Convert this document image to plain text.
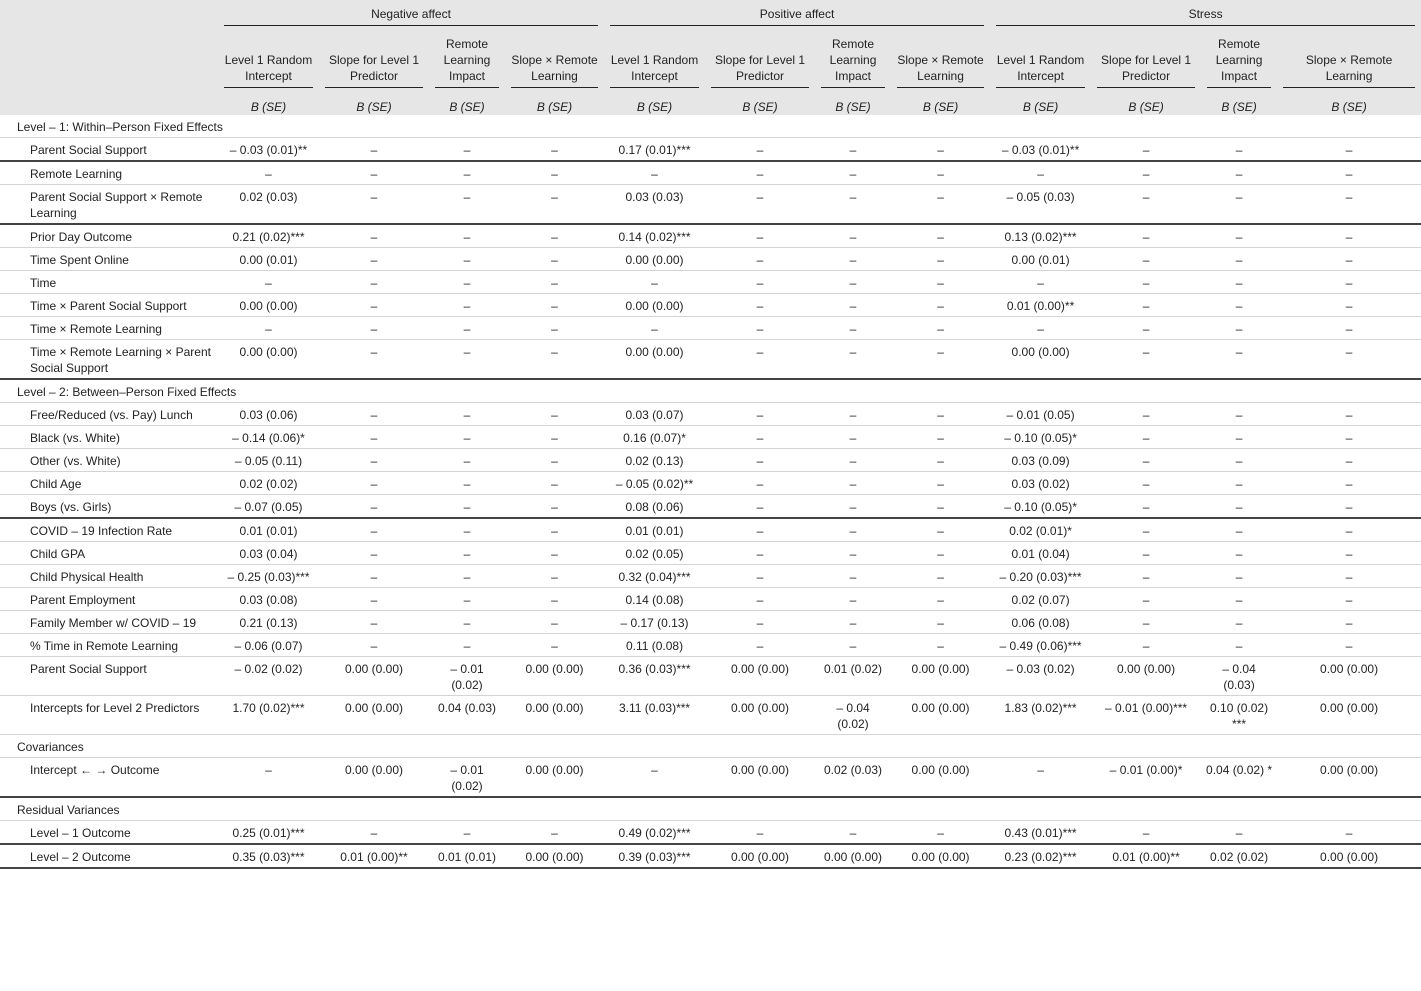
	Negative affect				Positive affect				Stress			

	Level 1 Random Intercept	Slope for Level 1 Predictor	Remote Learning Impact	Slope × Remote Learning	Level 1 Random Intercept	Slope for Level 1 Predictor	Remote Learning Impact	Slope × Remote Learning	Level 1 Random Intercept	Slope for Level 1 Predictor	Remote Learning Impact	Slope × Remote Learning

	B (SE)	B (SE)	B (SE)	B (SE)	B (SE)	B (SE)	B (SE)	B (SE)	B (SE)	B (SE)	B (SE)	B (SE)
Level – 1: Within–Person Fixed Effects												
Parent Social Support	– 0.03 (0.01)**	–	–	–	0.17 (0.01)***	–	–	–	– 0.03 (0.01)**	–	–	–
Remote Learning	–	–	–	–	–	–	–	–	–	–	–	–
Parent Social Support × Remote Learning	0.02 (0.03)	–	–	–	0.03 (0.03)	–	–	–	– 0.05 (0.03)	–	–	–
Prior Day Outcome	0.21 (0.02)***	–	–	–	0.14 (0.02)***	–	–	–	0.13 (0.02)***	–	–	–
Time Spent Online	0.00 (0.01)	–	–	–	0.00 (0.00)	–	–	–	0.00 (0.01)	–	–	–
Time	–	–	–	–	–	–	–	–	–	–	–	–
Time × Parent Social Support	0.00 (0.00)	–	–	–	0.00 (0.00)	–	–	–	0.01 (0.00)**	–	–	–
Time × Remote Learning	–	–	–	–	–	–	–	–	–	–	–	–
Time × Remote Learning × Parent Social Support	0.00 (0.00)	–	–	–	0.00 (0.00)	–	–	–	0.00 (0.00)	–	–	–
Level – 2: Between–Person Fixed Effects												
Free/Reduced (vs. Pay) Lunch	0.03 (0.06)	–	–	–	0.03 (0.07)	–	–	–	– 0.01 (0.05)	–	–	–
Black (vs. White)	– 0.14 (0.06)*	–	–	–	0.16 (0.07)*	–	–	–	– 0.10 (0.05)*	–	–	–
Other (vs. White)	– 0.05 (0.11)	–	–	–	0.02 (0.13)	–	–	–	0.03 (0.09)	–	–	–
Child Age	0.02 (0.02)	–	–	–	– 0.05 (0.02)**	–	–	–	0.03 (0.02)	–	–	–
Boys (vs. Girls)	– 0.07 (0.05)	–	–	–	0.08 (0.06)	–	–	–	– 0.10 (0.05)*	–	–	–
COVID – 19 Infection Rate	0.01 (0.01)	–	–	–	0.01 (0.01)	–	–	–	0.02 (0.01)*	–	–	–
Child GPA	0.03 (0.04)	–	–	–	0.02 (0.05)	–	–	–	0.01 (0.04)	–	–	–
Child Physical Health	– 0.25 (0.03)***	–	–	–	0.32 (0.04)***	–	–	–	– 0.20 (0.03)***	–	–	–
Parent Employment	0.03 (0.08)	–	–	–	0.14 (0.08)	–	–	–	0.02 (0.07)	–	–	–
Family Member w/ COVID – 19	0.21 (0.13)	–	–	–	– 0.17 (0.13)	–	–	–	0.06 (0.08)	–	–	–
% Time in Remote Learning	– 0.06 (0.07)	–	–	–	0.11 (0.08)	–	–	–	– 0.49 (0.06)***	–	–	–
Parent Social Support	– 0.02 (0.02)	0.00 (0.00)	– 0.01 (0.02)	0.00 (0.00)	0.36 (0.03)***	0.00 (0.00)	0.01 (0.02)	0.00 (0.00)	– 0.03 (0.02)	0.00 (0.00)	– 0.04 (0.03)	0.00 (0.00)
Intercepts for Level 2 Predictors	1.70 (0.02)***	0.00 (0.00)	0.04 (0.03)	0.00 (0.00)	3.11 (0.03)***	0.00 (0.00)	– 0.04 (0.02)	0.00 (0.00)	1.83 (0.02)***	– 0.01 (0.00)***	0.10 (0.02) ***	0.00 (0.00)
Covariances												
Intercept ← → Outcome	–	0.00 (0.00)	– 0.01 (0.02)	0.00 (0.00)	–	0.00 (0.00)	0.02 (0.03)	0.00 (0.00)	–	– 0.01 (0.00)*	0.04 (0.02) *	0.00 (0.00)
Residual Variances												
Level – 1 Outcome	0.25 (0.01)***	–	–	–	0.49 (0.02)***	–	–	–	0.43 (0.01)***	–	–	–
Level – 2 Outcome	0.35 (0.03)***	0.01 (0.00)**	0.01 (0.01)	0.00 (0.00)	0.39 (0.03)***	0.00 (0.00)	0.00 (0.00)	0.00 (0.00)	0.23 (0.02)***	0.01 (0.00)**	0.02 (0.02)	0.00 (0.00)
